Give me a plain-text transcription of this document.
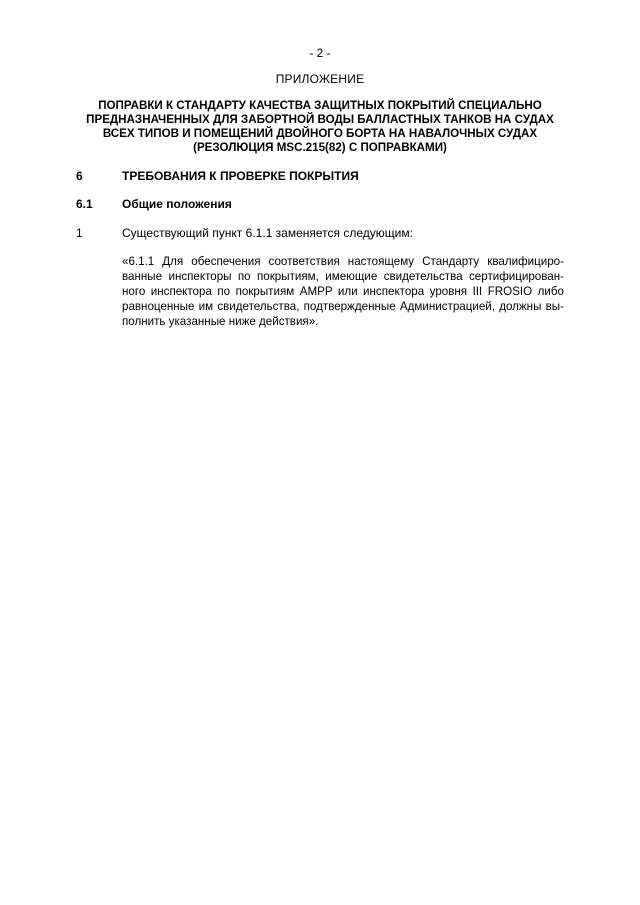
- 2 -
ПРИЛОЖЕНИЕ
ПОПРАВКИ К СТАНДАРТУ КАЧЕСТВА ЗАЩИТНЫХ ПОКРЫТИЙ СПЕЦИАЛЬНО
ПРЕДНАЗНАЧЕННЫХ ДЛЯ ЗАБОРТНОЙ ВОДЫ БАЛЛАСТНЫХ ТАНКОВ НА СУДАХ
ВСЕХ ТИПОВ И ПОМЕЩЕНИЙ ДВОЙНОГО БОРТА НА НАВАЛОЧНЫХ СУДАХ
(РЕЗОЛЮЦИЯ MSC.215(82) С ПОПРАВКАМИ)
6	ТРЕБОВАНИЯ К ПРОВЕРКЕ ПОКРЫТИЯ
6.1 Общие положения
1	Существующий пункт 6.1.1 заменяется следующим:
«6.1.1 Для обеспечения соответствия настоящему Стандарту квалифициро-
ванные инспекторы по покрытиям, имеющие свидетельства сертифицирован-
ного инспектора по покрытиям AMPP или инспектора уровня III FROSIO либо
равноценные им свидетельства, подтвержденные Администрацией, должны вы-
полнить указанные ниже действия».
